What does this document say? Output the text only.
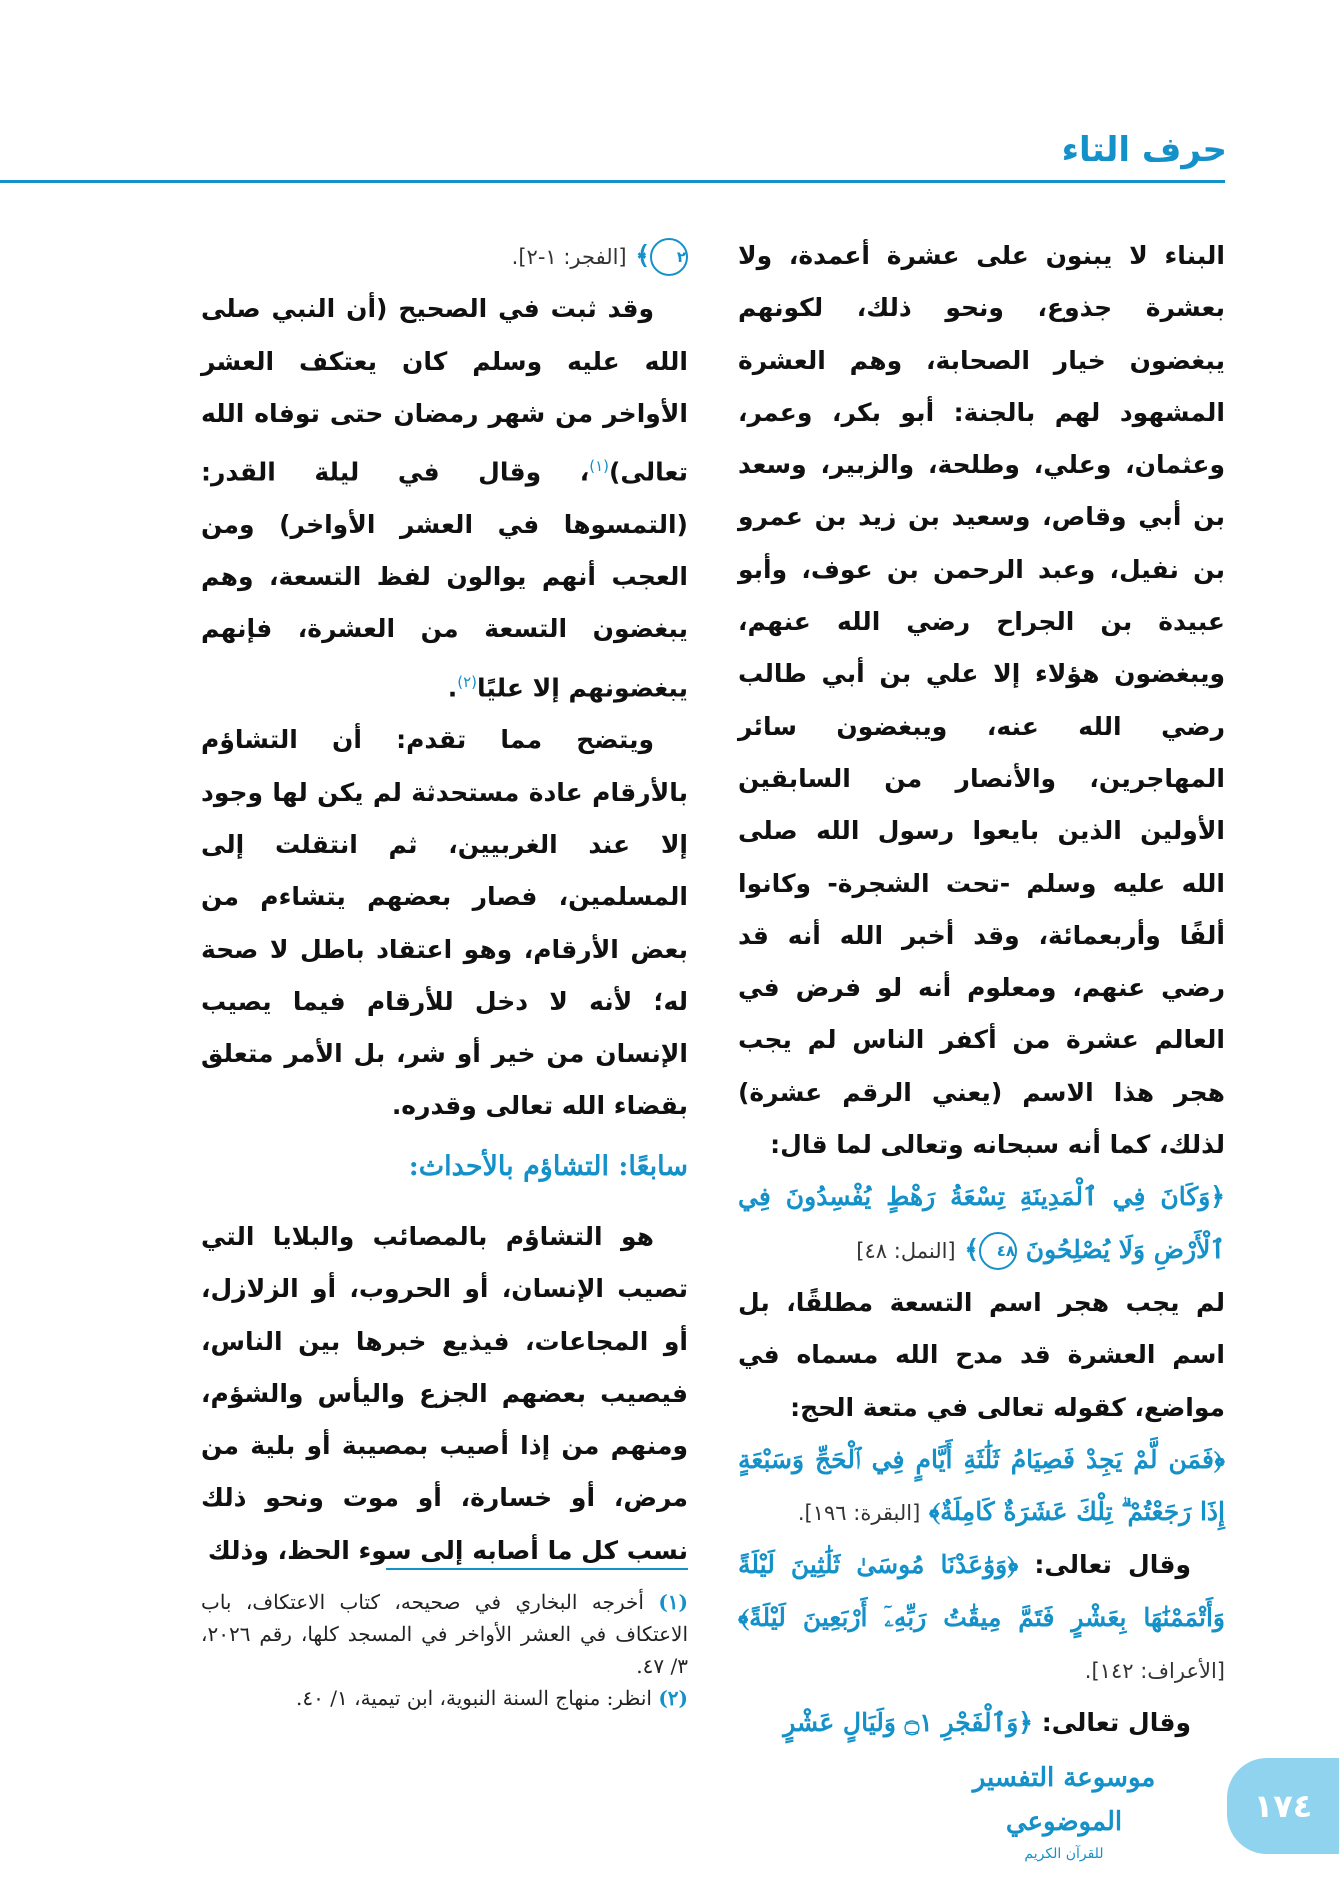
حرف التاء

البناء لا يبنون على عشرة أعمدة، ولا بعشرة جذوع، ونحو ذلك، لكونهم يبغضون خيار الصحابة، وهم العشرة المشهود لهم بالجنة: أبو بكر، وعمر، وعثمان، وعلي، وطلحة، والزبير، وسعد بن أبي وقاص، وسعيد بن زيد بن عمرو بن نفيل، وعبد الرحمن بن عوف، وأبو عبيدة بن الجراح رضي الله عنهم، ويبغضون هؤلاء إلا علي بن أبي طالب رضي الله عنه، ويبغضون سائر المهاجرين، والأنصار من السابقين الأولين الذين بايعوا رسول الله صلى الله عليه وسلم -تحت الشجرة- وكانوا ألفًا وأربعمائة، وقد أخبر الله أنه قد رضي عنهم، ومعلوم أنه لو فرض في العالم عشرة من أكفر الناس لم يجب هجر هذا الاسم (يعني الرقم عشرة) لذلك، كما أنه سبحانه وتعالى لما قال:

﴿وَكَانَ فِي ٱلْمَدِينَةِ تِسْعَةُ رَهْطٍ يُفْسِدُونَ فِي ٱلْأَرْضِ وَلَا يُصْلِحُونَ ٤٨﴾ [النمل: ٤٨]

لم يجب هجر اسم التسعة مطلقًا، بل اسم العشرة قد مدح الله مسماه في مواضع، كقوله تعالى في متعة الحج:

﴿فَمَن لَّمْ يَجِدْ فَصِيَامُ ثَلَٰثَةِ أَيَّامٍ فِي ٱلْحَجِّ وَسَبْعَةٍ إِذَا رَجَعْتُمْ ۗ تِلْكَ عَشَرَةٌ كَامِلَةٌ﴾ [البقرة: ١٩٦].

وقال تعالى: ﴿وَوَٰعَدْنَا مُوسَىٰ ثَلَٰثِينَ لَيْلَةً وَأَتْمَمْنَٰهَا بِعَشْرٍ فَتَمَّ مِيقَٰتُ رَبِّهِۦٓ أَرْبَعِينَ لَيْلَةً﴾ [الأعراف: ١٤٢].

وقال تعالى: ﴿وَٱلْفَجْرِ ۝١ وَلَيَالٍ عَشْرٍ

٢﴾ [الفجر: ١-٢].

وقد ثبت في الصحيح (أن النبي صلى الله عليه وسلم كان يعتكف العشر الأواخر من شهر رمضان حتى توفاه الله تعالى)$^{(١)}$، وقال في ليلة القدر: (التمسوها في العشر الأواخر) ومن العجب أنهم يوالون لفظ التسعة، وهم يبغضون التسعة من العشرة، فإنهم يبغضونهم إلا عليًا$^{(٢)}$.

ويتضح مما تقدم: أن التشاؤم بالأرقام عادة مستحدثة لم يكن لها وجود إلا عند الغربيين، ثم انتقلت إلى المسلمين، فصار بعضهم يتشاءم من بعض الأرقام، وهو اعتقاد باطل لا صحة له؛ لأنه لا دخل للأرقام فيما يصيب الإنسان من خير أو شر، بل الأمر متعلق بقضاء الله تعالى وقدره.

سابعًا: التشاؤم بالأحداث:

هو التشاؤم بالمصائب والبلايا التي تصيب الإنسان، أو الحروب، أو الزلازل، أو المجاعات، فيذيع خبرها بين الناس، فيصيب بعضهم الجزع واليأس والشؤم، ومنهم من إذا أصيب بمصيبة أو بلية من مرض، أو خسارة، أو موت ونحو ذلك نسب كل ما أصابه إلى سوء الحظ، وذلك

(١) أخرجه البخاري في صحيحه، كتاب الاعتكاف، باب الاعتكاف في العشر الأواخر في المسجد كلها، رقم ٢٠٢٦، ٣/ ٤٧.

(٢) انظر: منهاج السنة النبوية، ابن تيمية، ١/ ٤٠.

موسوعة التفسير الموضوعي
للقرآن الكريم
١٧٤
